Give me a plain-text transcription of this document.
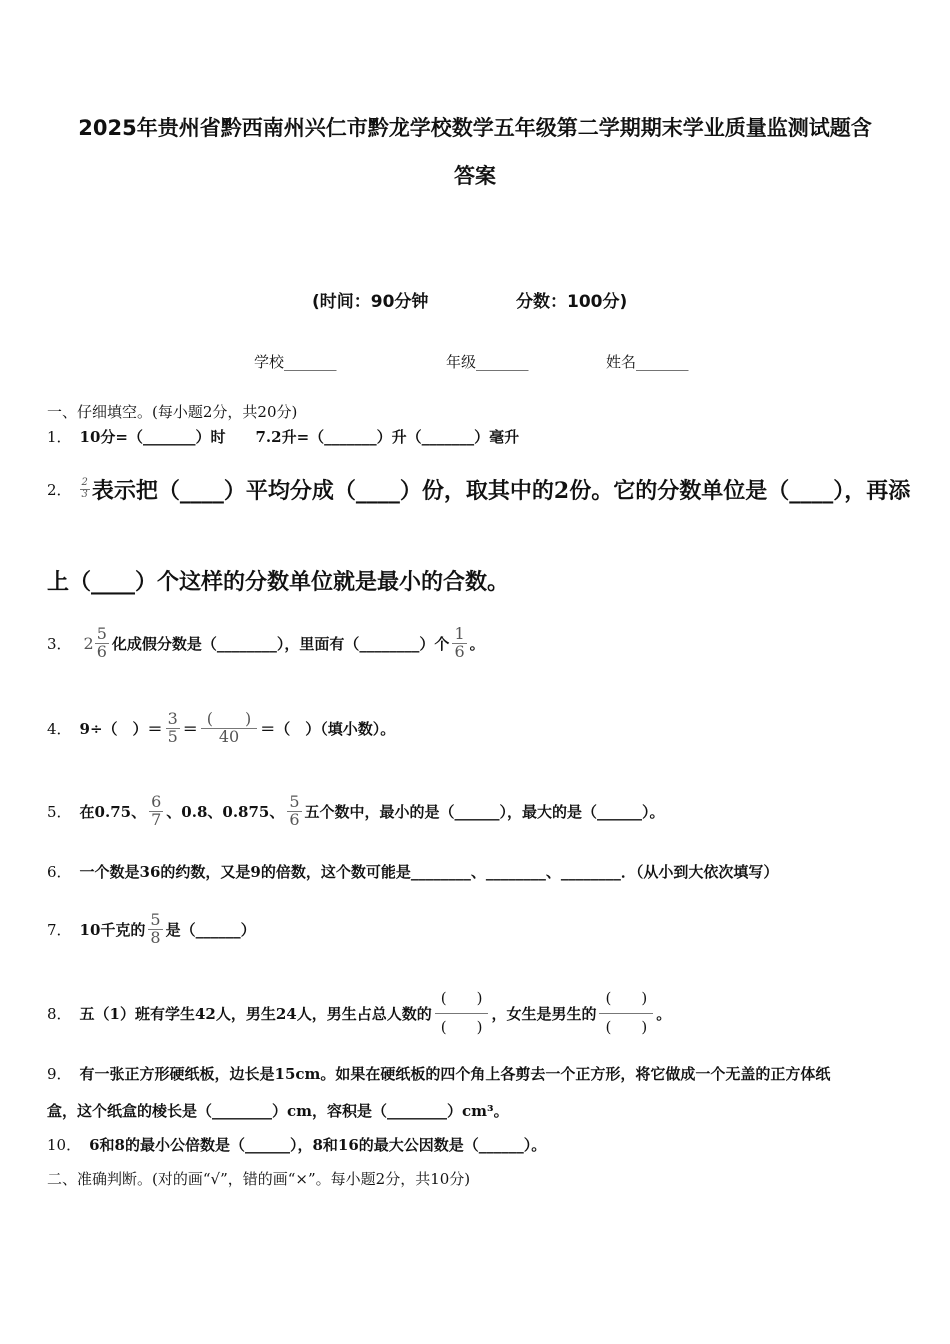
2025年贵州省黔西南州兴仁市黔龙学校数学五年级第二学期期末学业质量监测试题含
答案
(时间：90分钟	分数：100分)
学校_______	年级_______	姓名_______
一、仔细填空。(每小题2分，共20分)
1． 10分=（_______）时　　7.2升=（_______）升（_______）毫升
2． $\frac{2}{3}$ 表示把（____）平均分成（____）份，取其中的2份。它的分数单位是（____），再添
上（____）个这样的分数单位就是最小的合数。
3． $2 \frac{5}{6}$ 化成假分数是（________），里面有（________）个 $\frac{1}{6}$ 。
4． 9÷（　）＝ $\frac{3}{5} = \frac{( )}{40}$ ＝（　）（填小数）。
5． 在0.75、 $\frac{6}{7}$ 、0.8、0.875、 $\frac{5}{6}$ 五个数中，最小的是（______），最大的是（______）。
6． 一个数是36的约数，又是9的倍数，这个数可能是________、________、________．（从小到大依次填写）
7． 10千克的 $\frac{5}{8}$ 是（______）
8． 五（1）班有学生42人，男生24人，男生占总人数的 $\frac{( )}{( )}$ ，女生是男生的 $\frac{( )}{( )}$ 。
9． 有一张正方形硬纸板，边长是15cm。如果在硬纸板的四个角上各剪去一个正方形，将它做成一个无盖的正方体纸
盒，这个纸盒的棱长是（________）cm，容积是（________）cm³。
10． 6和8的最小公倍数是（______），8和16的最大公因数是（______）。
二、准确判断。(对的画“√”，错的画“×”。每小题2分，共10分)
